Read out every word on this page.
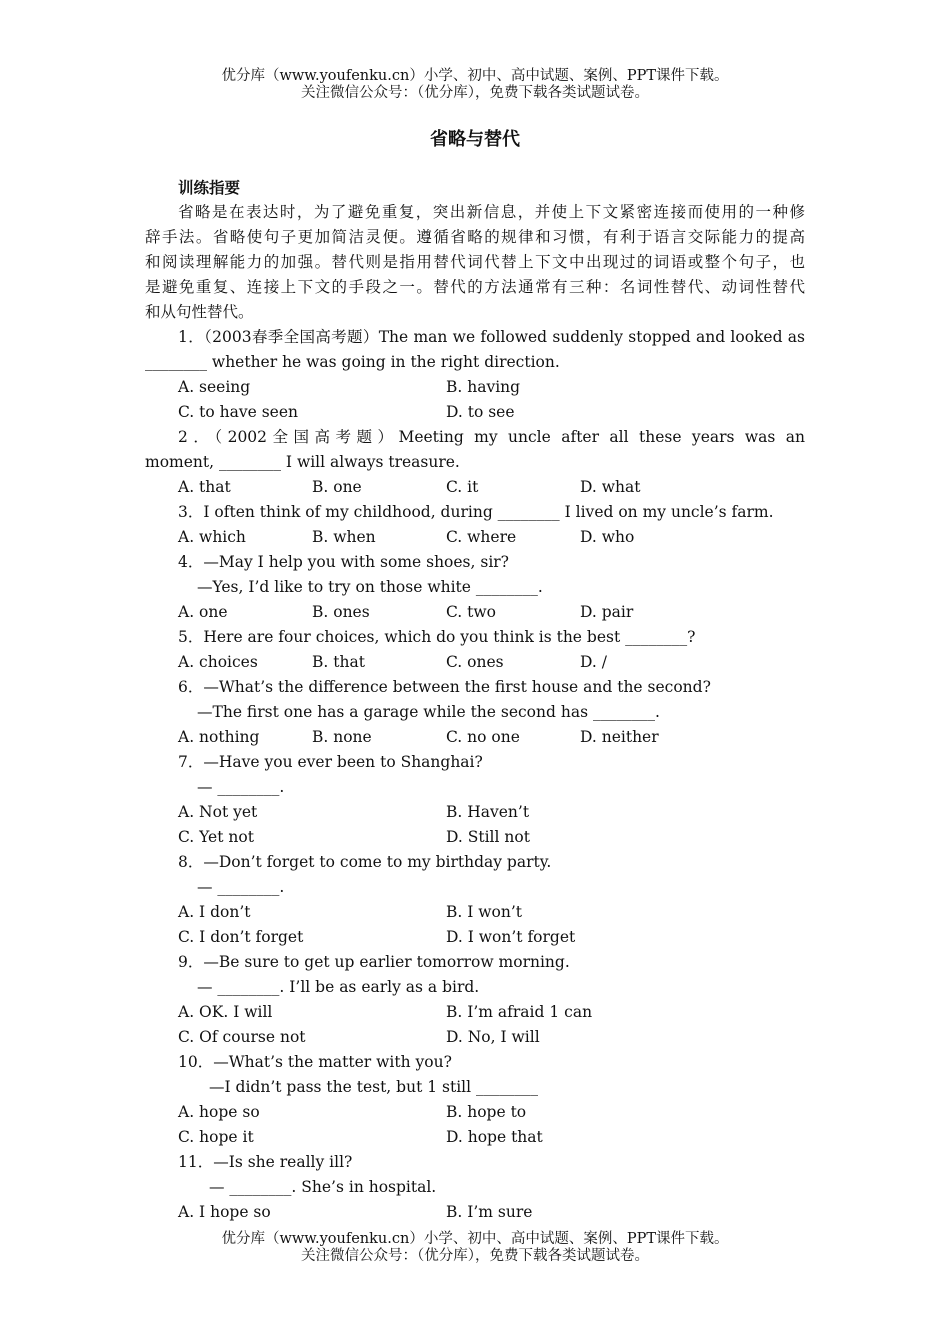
优分库（www.youfenku.cn）小学、初中、高中试题、案例、PPT课件下载。
关注微信公众号：（优分库），免费下载各类试题试卷。
省略与替代
训练指要
省略是在表达时，为了避免重复，突出新信息，并使上下文紧密连接而使用的一种修
辞手法。省略使句子更加简洁灵便。遵循省略的规律和习惯，有利于语言交际能力的提高
和阅读理解能力的加强。替代则是指用替代词代替上下文中出现过的词语或整个句子，也
是避免重复、连接上下文的手段之一。替代的方法通常有三种：名词性替代、动词性替代
和从句性替代。
1．（2003春季全国高考题）The man we followed suddenly stopped and looked as
________ whether he was going in the right direction.
A. seeing	B. having
C. to have seen	D. to see
2．（2002全国高考题）Meeting my uncle after all these years was an
moment, ________ I will always treasure.
A. that	B. one	C. it	D. what
3．I often think of my childhood, during ________ I lived on my uncle’s farm.
A. which	B. when	C. where	D. who
4．—May I help you with some shoes, sir?
—Yes, I’d like to try on those white ________.
A. one	B. ones	C. two	D. pair
5．Here are four choices, which do you think is the best ________?
A. choices	B. that	C. ones	D. /
6．—What’s the difference between the first house and the second?
—The first one has a garage while the second has ________.
A. nothing	B. none	C. no one	D. neither
7．—Have you ever been to Shanghai?
— ________.
A. Not yet	B. Haven’t
C. Yet not	D. Still not
8．—Don’t forget to come to my birthday party.
— ________.
A. I don’t	B. I won’t
C. I don’t forget	D. I won’t forget
9．—Be sure to get up earlier tomorrow morning.
— ________. I’ll be as early as a bird.
A. OK. I will	B. I’m afraid 1 can
C. Of course not	D. No, I will
10．—What’s the matter with you?
—I didn’t pass the test, but 1 still ________
A. hope so	B. hope to
C. hope it	D. hope that
11．—Is she really ill?
— ________. She’s in hospital.
A. I hope so	B. I’m sure
优分库（www.youfenku.cn）小学、初中、高中试题、案例、PPT课件下载。
关注微信公众号：（优分库），免费下载各类试题试卷。
